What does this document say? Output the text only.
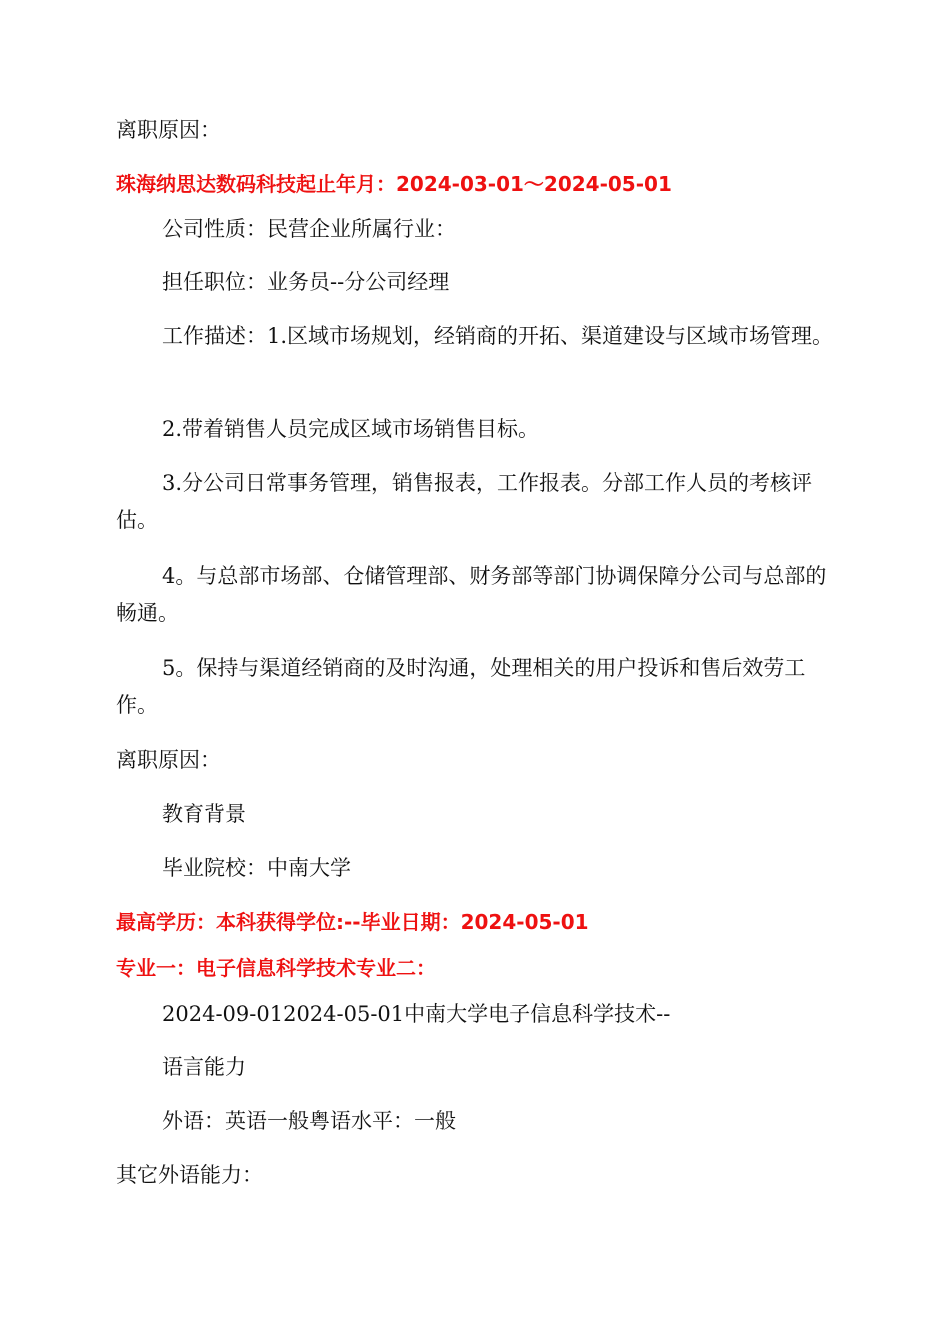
离职原因：
珠海纳思达数码科技起止年月：2024-03-01～2024-05-01
公司性质：民营企业所属行业：
担任职位：业务员--分公司经理
工作描述：1.区域市场规划，经销商的开拓、渠道建设与区域市场管理。
2.带着销售人员完成区域市场销售目标。
3.分公司日常事务管理，销售报表，工作报表。分部工作人员的考核评估。
4。与总部市场部、仓储管理部、财务部等部门协调保障分公司与总部的畅通。
5。保持与渠道经销商的及时沟通，处理相关的用户投诉和售后效劳工作。
离职原因：
教育背景
毕业院校：中南大学
最高学历：本科获得学位:--毕业日期：2024-05-01
专业一：电子信息科学技术专业二：
2024-09-012024-05-01中南大学电子信息科学技术--
语言能力
外语：英语一般粤语水平：一般
其它外语能力：
